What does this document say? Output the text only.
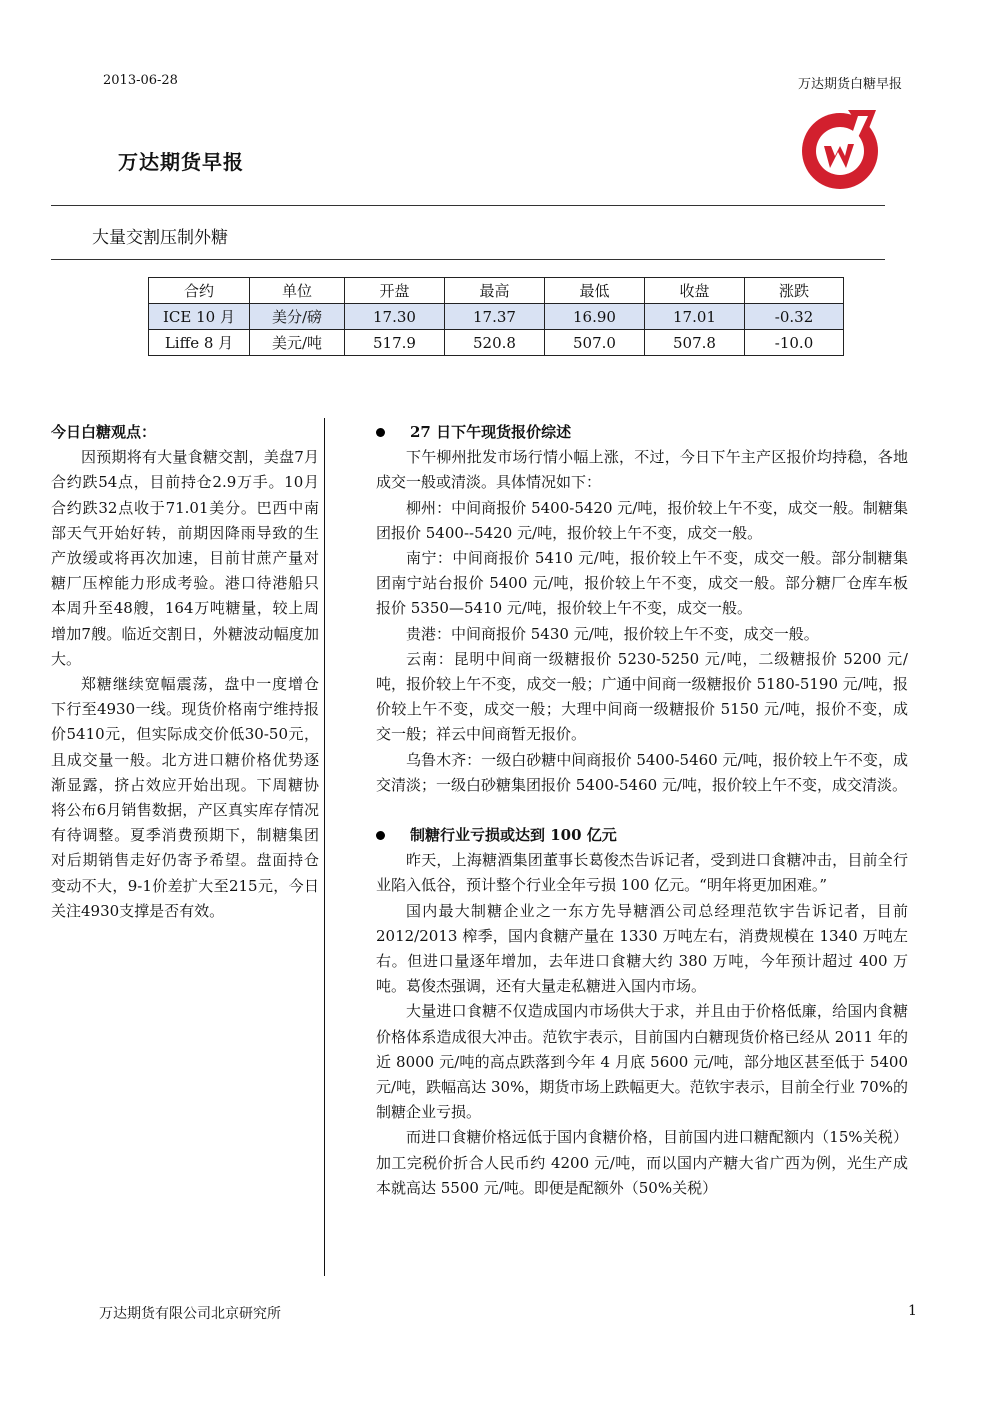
2013-06-28	万达期货白糖早报
万达期货早报
大量交割压制外糖
合约	单位	开盘	最高	最低	收盘	涨跌
ICE 10 月	美分/磅	17.30	17.37	16.90	17.01	-0.32
Liffe 8 月	美元/吨	517.9	520.8	507.0	507.8	-10.0
今日白糖观点：

因预期将有大量食糖交割，美盘7月合约跌54点，目前持仓2.9万手。10月合约跌32点收于71.01美分。巴西中南部天气开始好转，前期因降雨导致的生产放缓或将再次加速，目前甘蔗产量对糖厂压榨能力形成考验。港口待港船只本周升至48艘，164万吨糖量，较上周增加7艘。临近交割日，外糖波动幅度加大。

郑糖继续宽幅震荡，盘中一度增仓下行至4930一线。现货价格南宁维持报价5410元，但实际成交价低30-50元，且成交量一般。北方进口糖价格优势逐渐显露，挤占效应开始出现。下周糖协将公布6月销售数据，产区真实库存情况有待调整。夏季消费预期下，制糖集团对后期销售走好仍寄予希望。盘面持仓变动不大，9-1价差扩大至215元，今日关注4930支撑是否有效。

27 日下午现货报价综述

下午柳州批发市场行情小幅上涨，不过，今日下午主产区报价均持稳，各地成交一般或清淡。具体情况如下：

柳州：中间商报价 5400-5420 元/吨，报价较上午不变，成交一般。制糖集团报价 5400--5420 元/吨，报价较上午不变，成交一般。

南宁：中间商报价 5410 元/吨，报价较上午不变，成交一般。部分制糖集团南宁站台报价 5400 元/吨，报价较上午不变，成交一般。部分糖厂仓库车板报价 5350—5410 元/吨，报价较上午不变，成交一般。

贵港：中间商报价 5430 元/吨，报价较上午不变，成交一般。

云南：昆明中间商一级糖报价 5230-5250 元/吨，二级糖报价 5200 元/吨，报价较上午不变，成交一般；广通中间商一级糖报价 5180-5190 元/吨，报价较上午不变，成交一般；大理中间商一级糖报价 5150 元/吨，报价不变，成交一般；祥云中间商暂无报价。

乌鲁木齐：一级白砂糖中间商报价 5400-5460 元/吨，报价较上午不变，成交清淡；一级白砂糖集团报价 5400-5460 元/吨，报价较上午不变，成交清淡。

制糖行业亏损或达到 100 亿元

昨天，上海糖酒集团董事长葛俊杰告诉记者，受到进口食糖冲击，目前全行业陷入低谷，预计整个行业全年亏损 100 亿元。“明年将更加困难。”

国内最大制糖企业之一东方先导糖酒公司总经理范钦宇告诉记者，目前 2012/2013 榨季，国内食糖产量在 1330 万吨左右，消费规模在 1340 万吨左右。但进口量逐年增加，去年进口食糖大约 380 万吨，今年预计超过 400 万吨。葛俊杰强调，还有大量走私糖进入国内市场。

大量进口食糖不仅造成国内市场供大于求，并且由于价格低廉，给国内食糖价格体系造成很大冲击。范钦宇表示，目前国内白糖现货价格已经从 2011 年的近 8000 元/吨的高点跌落到今年 4 月底 5600 元/吨，部分地区甚至低于 5400 元/吨，跌幅高达 30%，期货市场上跌幅更大。范钦宇表示，目前全行业 70%的制糖企业亏损。

而进口食糖价格远低于国内食糖价格，目前国内进口糖配额内（15%关税）加工完税价折合人民币约 4200 元/吨，而以国内产糖大省广西为例，光生产成本就高达 5500 元/吨。即便是配额外（50%关税）

万达期货有限公司北京研究所	1
